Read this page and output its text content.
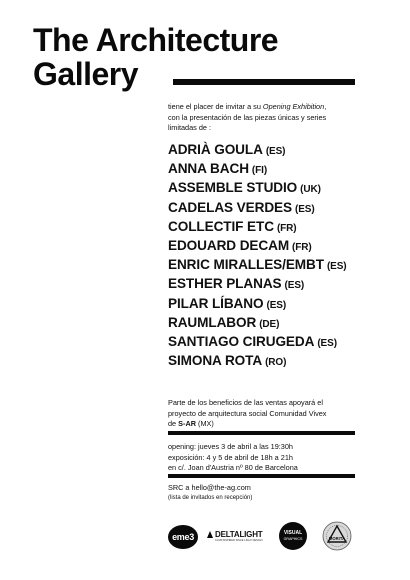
The Architecture
Gallery
tiene el placer de invitar a su Opening Exhibition,
con la presentación de las piezas únicas y series
limitadas de :
ADRIÀ GOULA (ES)
ANNA BACH (FI)
ASSEMBLE STUDIO (UK)
CADELAS VERDES (ES)
COLLECTIF ETC (FR)
EDOUARD DECAM (FR)
ENRIC MIRALLES/EMBT (ES)
ESTHER PLANAS (ES)
PILAR LÍBANO (ES)
RAUMLABOR (DE)
SANTIAGO CIRUGEDA (ES)
SIMONA ROTA (RO)
Parte de los beneficios de las ventas apoyará el
proyecto de arquitectura social Comunidad Vivex
de S-AR (MX)
opening: jueves 3 de abril a las 19:30h
exposición: 4 y 5 de abril de 18h a 21h
en c/. Joan d'Austria nº 80 de Barcelona
SRC a hello@the-ag.com
(lista de invitados en recepción)
eme3	DELTALIGHT
CLUB INSPIRED SINCE LIGHT DESIGN
VISUAL
GRAPHICS	MORITA
